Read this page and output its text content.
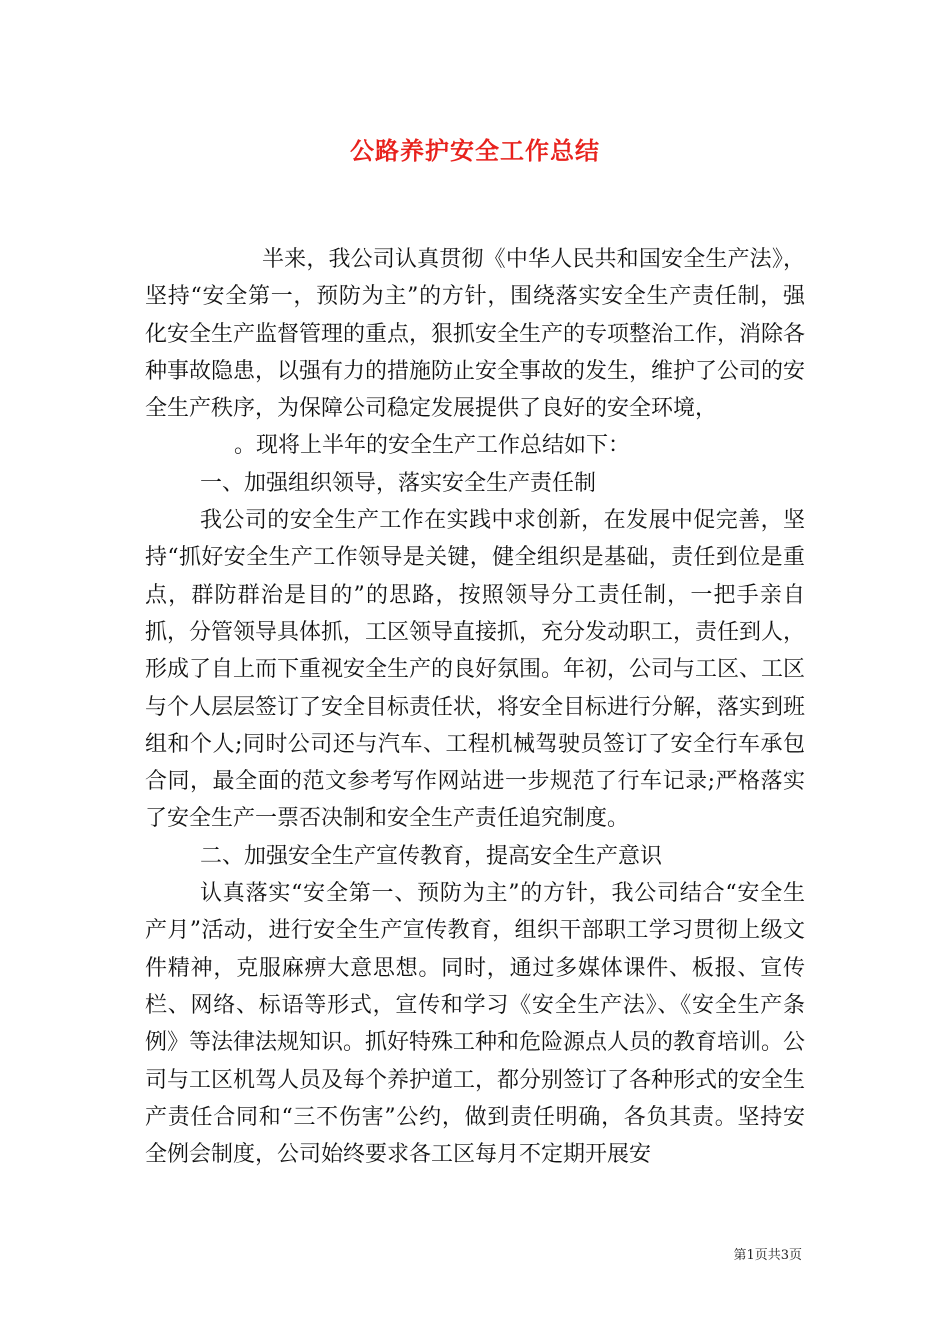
公路养护安全工作总结

半来，我公司认真贯彻《中华人民共和国安全生产法》，坚持“安全第一，预防为主”的方针，围绕落实安全生产责任制，强化安全生产监督管理的重点，狠抓安全生产的专项整治工作，消除各种事故隐患，以强有力的措施防止安全事故的发生，维护了公司的安全生产秩序，为保障公司稳定发展提供了良好的安全环境，

。现将上半年的安全生产工作总结如下：

一、加强组织领导，落实安全生产责任制

我公司的安全生产工作在实践中求创新，在发展中促完善，坚持“抓好安全生产工作领导是关键，健全组织是基础，责任到位是重点，群防群治是目的”的思路，按照领导分工责任制，一把手亲自抓，分管领导具体抓，工区领导直接抓，充分发动职工，责任到人，形成了自上而下重视安全生产的良好氛围。年初，公司与工区、工区与个人层层签订了安全目标责任状，将安全目标进行分解，落实到班组和个人;同时公司还与汽车、工程机械驾驶员签订了安全行车承包合同，最全面的范文参考写作网站进一步规范了行车记录;严格落实了安全生产一票否决制和安全生产责任追究制度。

二、加强安全生产宣传教育，提高安全生产意识

认真落实“安全第一、预防为主”的方针，我公司结合“安全生产月”活动，进行安全生产宣传教育，组织干部职工学习贯彻上级文件精神，克服麻痹大意思想。同时，通过多媒体课件、板报、宣传栏、网络、标语等形式，宣传和学习《安全生产法》、《安全生产条例》等法律法规知识。抓好特殊工种和危险源点人员的教育培训。公司与工区机驾人员及每个养护道工，都分别签订了各种形式的安全生产责任合同和“三不伤害”公约，做到责任明确，各负其责。坚持安全例会制度，公司始终要求各工区每月不定期开展安

第1页共3页
